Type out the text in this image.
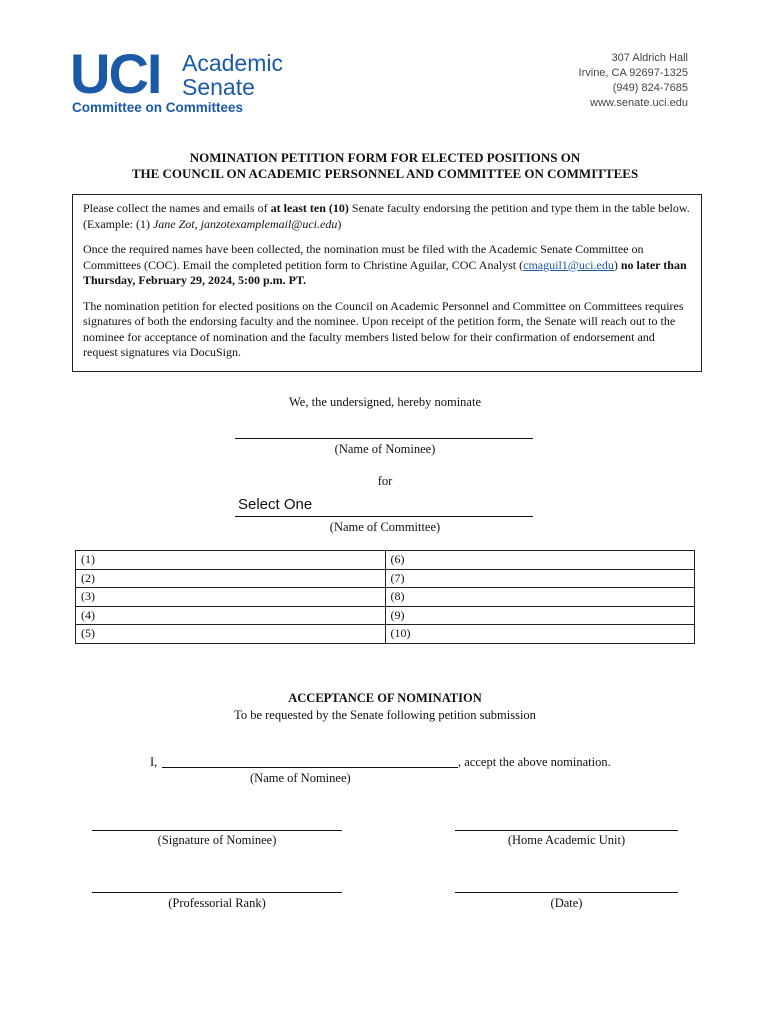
UCI Academic
Senate
Committee on Committees
307 Aldrich Hall
Irvine, CA 92697-1325
(949) 824-7685
www.senate.uci.edu
NOMINATION PETITION FORM FOR ELECTED POSITIONS ON
THE COUNCIL ON ACADEMIC PERSONNEL AND COMMITTEE ON COMMITTEES

Please collect the names and emails of at least ten (10) Senate faculty endorsing the petition and type them in the table below. (Example: (1) Jane Zot, janzotexamplemail@uci.edu)

Once the required names have been collected, the nomination must be filed with the Academic Senate Committee on Committees (COC). Email the completed petition form to Christine Aguilar, COC Analyst (cmaguil1@uci.edu) no later than Thursday, February 29, 2024, 5:00 p.m. PT.

The nomination petition for elected positions on the Council on Academic Personnel and Committee on Committees requires signatures of both the endorsing faculty and the nominee. Upon receipt of the petition form, the Senate will reach out to the nominee for acceptance of nomination and the faculty members listed below for their confirmation of endorsement and request signatures via DocuSign.

We, the undersigned, hereby nominate
(Name of Nominee)
for
Select One
(Name of Committee)
(1)	(6)
(2)	(7)
(3)	(8)
(4)	(9)
(5)	(10)
ACCEPTANCE OF NOMINATION
To be requested by the Senate following petition submission
I,	, accept the above nomination.
(Name of Nominee)
(Signature of Nominee)	(Home Academic Unit)
(Professorial Rank)	(Date)
